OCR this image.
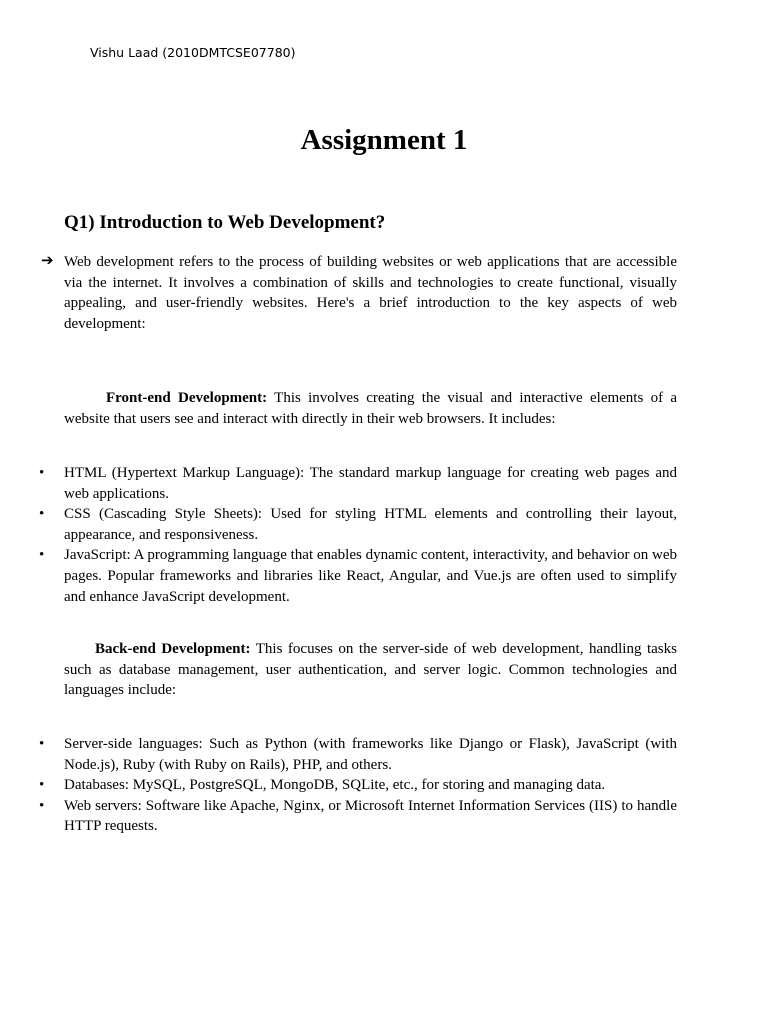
Vishu Laad (2010DMTCSE07780)
Assignment 1
Q1) Introduction to Web Development?
➔ Web development refers to the process of building websites or web applications that are accessible via the internet. It involves a combination of skills and technologies to create functional, visually appealing, and user-friendly websites. Here's a brief introduction to the key aspects of web development:

Front-end Development: This involves creating the visual and interactive elements of a website that users see and interact with directly in their web browsers. It includes:

• HTML (Hypertext Markup Language): The standard markup language for creating web pages and web applications.
• CSS (Cascading Style Sheets): Used for styling HTML elements and controlling their layout, appearance, and responsiveness.
• JavaScript: A programming language that enables dynamic content, interactivity, and behavior on web pages. Popular frameworks and libraries like React, Angular, and Vue.js are often used to simplify and enhance JavaScript development.

Back-end Development: This focuses on the server-side of web development, handling tasks such as database management, user authentication, and server logic. Common technologies and languages include:

• Server-side languages: Such as Python (with frameworks like Django or Flask), JavaScript (with Node.js), Ruby (with Ruby on Rails), PHP, and others.
• Databases: MySQL, PostgreSQL, MongoDB, SQLite, etc., for storing and managing data.
• Web servers: Software like Apache, Nginx, or Microsoft Internet Information Services (IIS) to handle HTTP requests.
